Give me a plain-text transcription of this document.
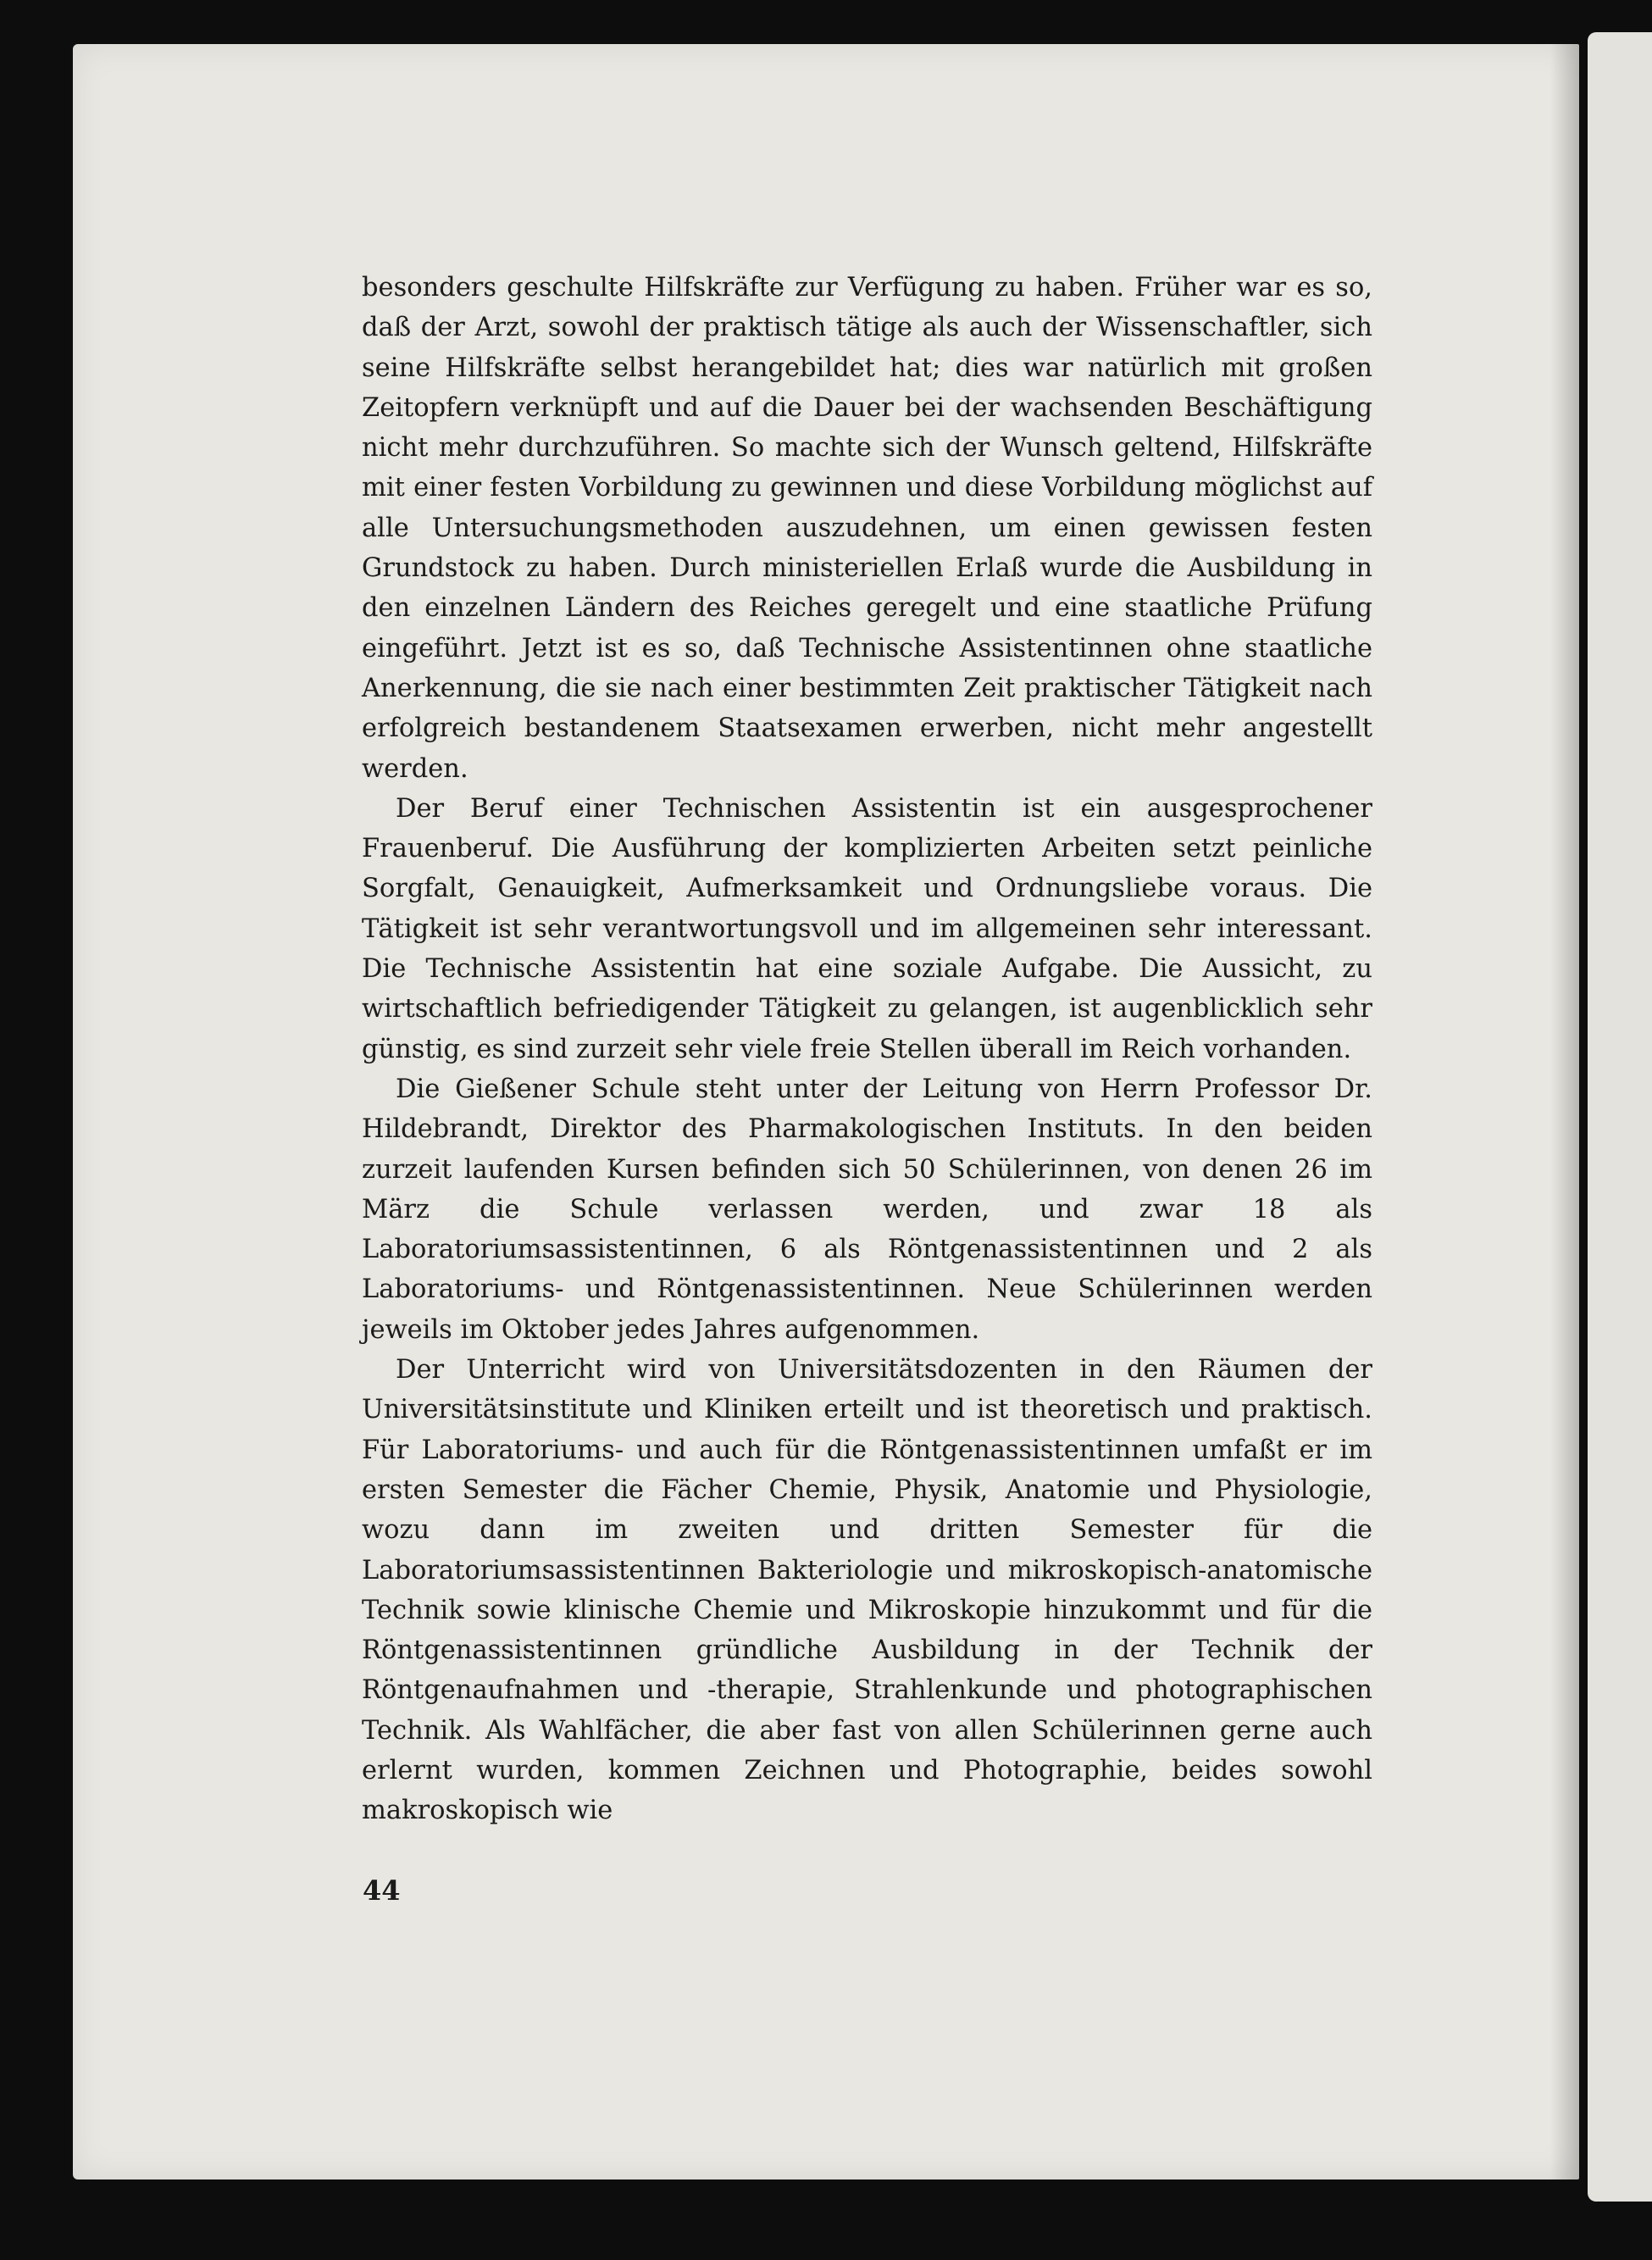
besonders geschulte Hilfskräfte zur Verfügung zu haben. Früher war es so, daß der Arzt, sowohl der praktisch tätige als auch der Wissenschaftler, sich seine Hilfskräfte selbst herangebildet hat; dies war natürlich mit großen Zeitopfern verknüpft und auf die Dauer bei der wachsenden Beschäftigung nicht mehr durchzuführen. So machte sich der Wunsch geltend, Hilfskräfte mit einer festen Vorbildung zu gewinnen und diese Vorbildung möglichst auf alle Untersuchungsmethoden auszudehnen, um einen gewissen festen Grundstock zu haben. Durch ministeriellen Erlaß wurde die Ausbildung in den einzelnen Ländern des Reiches geregelt und eine staatliche Prüfung eingeführt. Jetzt ist es so, daß Technische Assistentinnen ohne staatliche Anerkennung, die sie nach einer bestimmten Zeit praktischer Tätigkeit nach erfolgreich bestandenem Staatsexamen erwerben, nicht mehr angestellt werden.

Der Beruf einer Technischen Assistentin ist ein ausgesprochener Frauenberuf. Die Ausführung der komplizierten Arbeiten setzt peinliche Sorgfalt, Genauigkeit, Aufmerksamkeit und Ordnungsliebe voraus. Die Tätigkeit ist sehr verantwortungsvoll und im allgemeinen sehr interessant. Die Technische Assistentin hat eine soziale Aufgabe. Die Aussicht, zu wirtschaftlich befriedigender Tätigkeit zu gelangen, ist augenblicklich sehr günstig, es sind zurzeit sehr viele freie Stellen überall im Reich vorhanden.

Die Gießener Schule steht unter der Leitung von Herrn Professor Dr. Hildebrandt, Direktor des Pharmakologischen Instituts. In den beiden zurzeit laufenden Kursen befinden sich 50 Schülerinnen, von denen 26 im März die Schule verlassen werden, und zwar 18 als Laboratoriumsassistentinnen, 6 als Röntgenassistentinnen und 2 als Laboratoriums- und Röntgenassistentinnen. Neue Schülerinnen werden jeweils im Oktober jedes Jahres aufgenommen.

Der Unterricht wird von Universitätsdozenten in den Räumen der Universitätsinstitute und Kliniken erteilt und ist theoretisch und praktisch. Für Laboratoriums- und auch für die Röntgenassistentinnen umfaßt er im ersten Semester die Fächer Chemie, Physik, Anatomie und Physiologie, wozu dann im zweiten und dritten Semester für die Laboratoriumsassistentinnen Bakteriologie und mikroskopisch-anatomische Technik sowie klinische Chemie und Mikroskopie hinzukommt und für die Röntgenassistentinnen gründliche Ausbildung in der Technik der Röntgenaufnahmen und -therapie, Strahlenkunde und photographischen Technik. Als Wahlfächer, die aber fast von allen Schülerinnen gerne auch erlernt wurden, kommen Zeichnen und Photographie, beides sowohl makroskopisch wie

44
